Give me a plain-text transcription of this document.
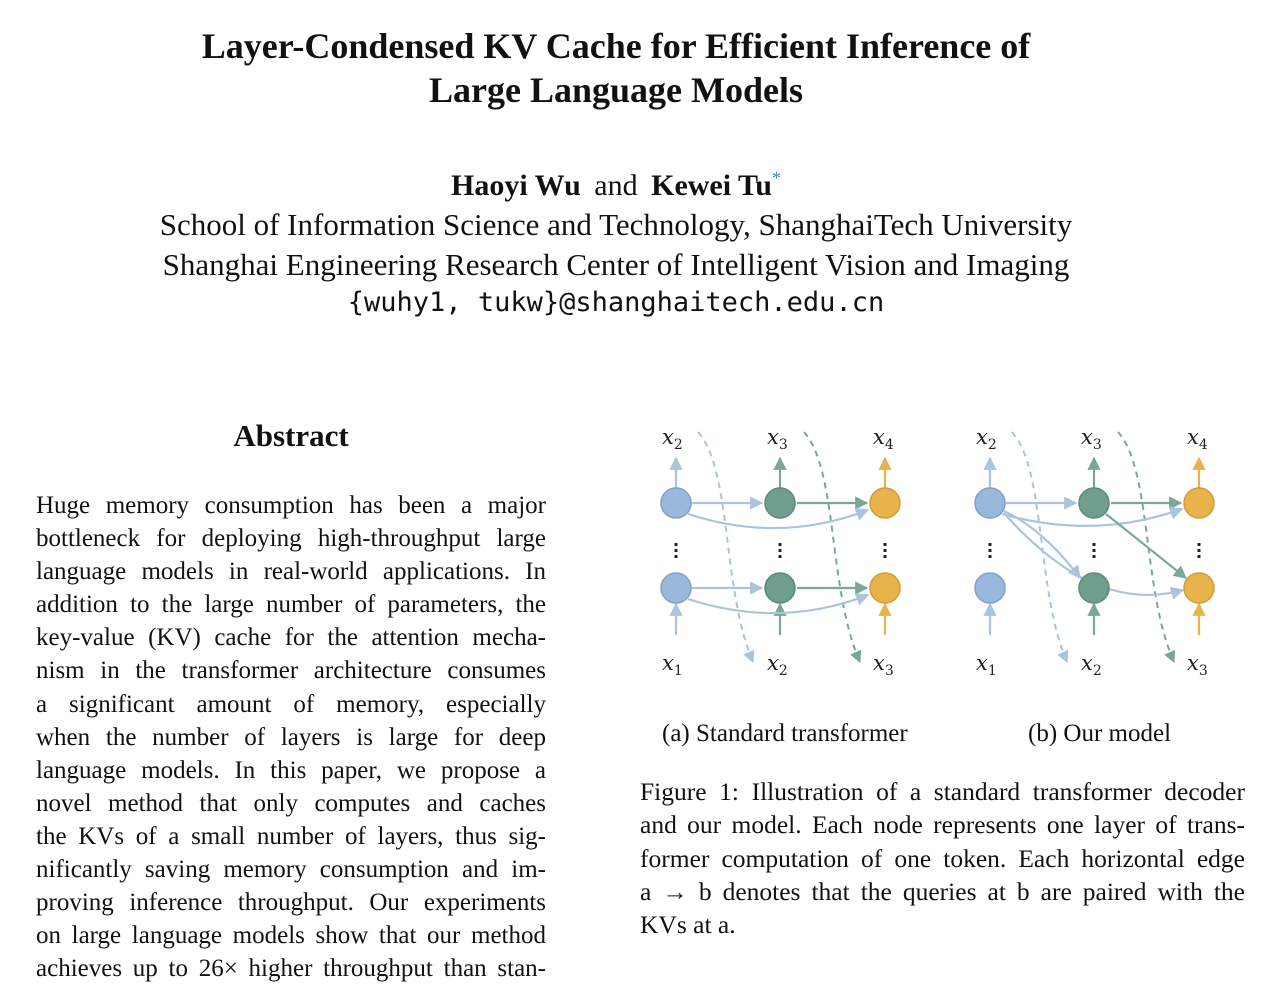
Layer-Condensed KV Cache for Efficient Inference of
Large Language Models
Haoyi Wu and Kewei Tu*
School of Information Science and Technology, ShanghaiTech University
Shanghai Engineering Research Center of Intelligent Vision and Imaging
{wuhy1, tukw}@shanghaitech.edu.cn
Abstract
Huge memory consumption has been a major
bottleneck for deploying high-throughput large
language models in real-world applications. In
addition to the large number of parameters, the
key-value (KV) cache for the attention mecha-
nism in the transformer architecture consumes
a significant amount of memory, especially
when the number of layers is large for deep
language models. In this paper, we propose a
novel method that only computes and caches
the KVs of a small number of layers, thus sig-
nificantly saving memory consumption and im-
proving inference throughput. Our experiments
on large language models show that our method
achieves up to 26× higher throughput than stan-
$x_2$	$x_3$	$x_4$
$x_1$	$x_2$	$x_3$
$x_2$	$x_3$	$x_4$
$x_1$	$x_2$	$x_3$
(a) Standard transformer	(b) Our model
Figure 1: Illustration of a standard transformer decoder
and our model. Each node represents one layer of trans-
former computation of one token. Each horizontal edge
a → b denotes that the queries at b are paired with the
KVs at a.
